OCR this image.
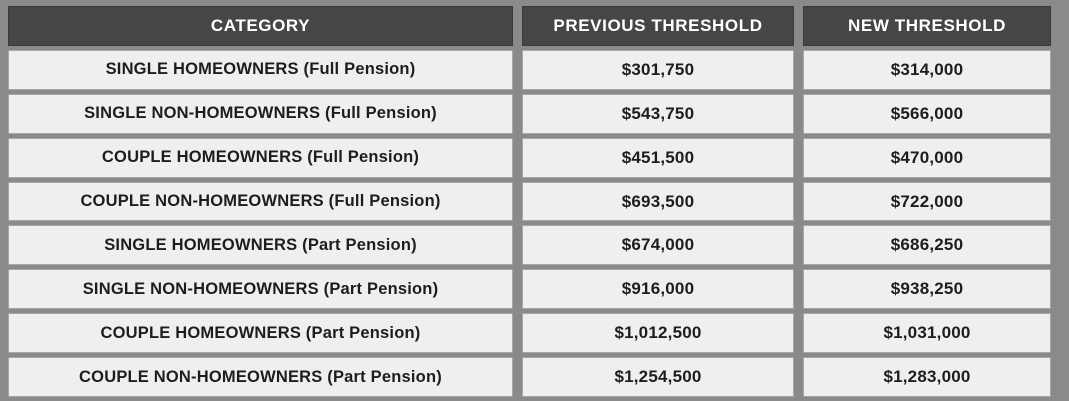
CATEGORY	PREVIOUS THRESHOLD	NEW THRESHOLD
SINGLE HOMEOWNERS (Full Pension)	$301,750	$314,000
SINGLE NON-HOMEOWNERS (Full Pension)	$543,750	$566,000
COUPLE HOMEOWNERS (Full Pension)	$451,500	$470,000
COUPLE NON-HOMEOWNERS (Full Pension)	$693,500	$722,000
SINGLE HOMEOWNERS (Part Pension)	$674,000	$686,250
SINGLE NON-HOMEOWNERS (Part Pension)	$916,000	$938,250
COUPLE HOMEOWNERS (Part Pension)	$1,012,500	$1,031,000
COUPLE NON-HOMEOWNERS (Part Pension)	$1,254,500	$1,283,000
